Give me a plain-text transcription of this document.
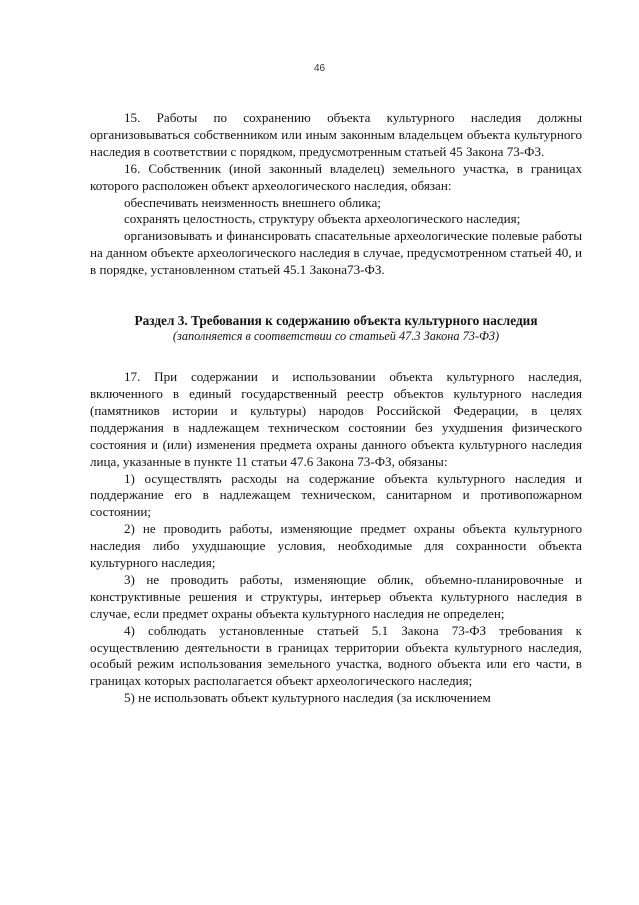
46

15. Работы по сохранению объекта культурного наследия должны организовываться собственником или иным законным владельцем объекта культурного наследия в соответствии с порядком, предусмотренным статьей 45 Закона 73-ФЗ.

16. Собственник (иной законный владелец) земельного участка, в границах которого расположен объект археологического наследия, обязан:

обеспечивать неизменность внешнего облика;

сохранять целостность, структуру объекта археологического наследия;

организовывать и финансировать спасательные археологические полевые работы на данном объекте археологического наследия в случае, предусмотренном статьей 40, и в порядке, установленном статьей 45.1 Закона73-ФЗ.

Раздел 3. Требования к содержанию объекта культурного наследия
(заполняется в соответствии со статьей 47.3 Закона 73-ФЗ)

17. При содержании и использовании объекта культурного наследия, включенного в единый государственный реестр объектов культурного наследия (памятников истории и культуры) народов Российской Федерации, в целях поддержания в надлежащем техническом состоянии без ухудшения физического состояния и (или) изменения предмета охраны данного объекта культурного наследия лица, указанные в пункте 11 статьи 47.6 Закона 73-ФЗ, обязаны:

1) осуществлять расходы на содержание объекта культурного наследия и поддержание его в надлежащем техническом, санитарном и противопожарном состоянии;

2) не проводить работы, изменяющие предмет охраны объекта культурного наследия либо ухудшающие условия, необходимые для сохранности объекта культурного наследия;

3) не проводить работы, изменяющие облик, объемно-планировочные и конструктивные решения и структуры, интерьер объекта культурного наследия в случае, если предмет охраны объекта культурного наследия не определен;

4) соблюдать установленные статьей 5.1 Закона 73-ФЗ требования к осуществлению деятельности в границах территории объекта культурного наследия, особый режим использования земельного участка, водного объекта или его части, в границах которых располагается объект археологического наследия;

5) не использовать объект культурного наследия (за исключением
